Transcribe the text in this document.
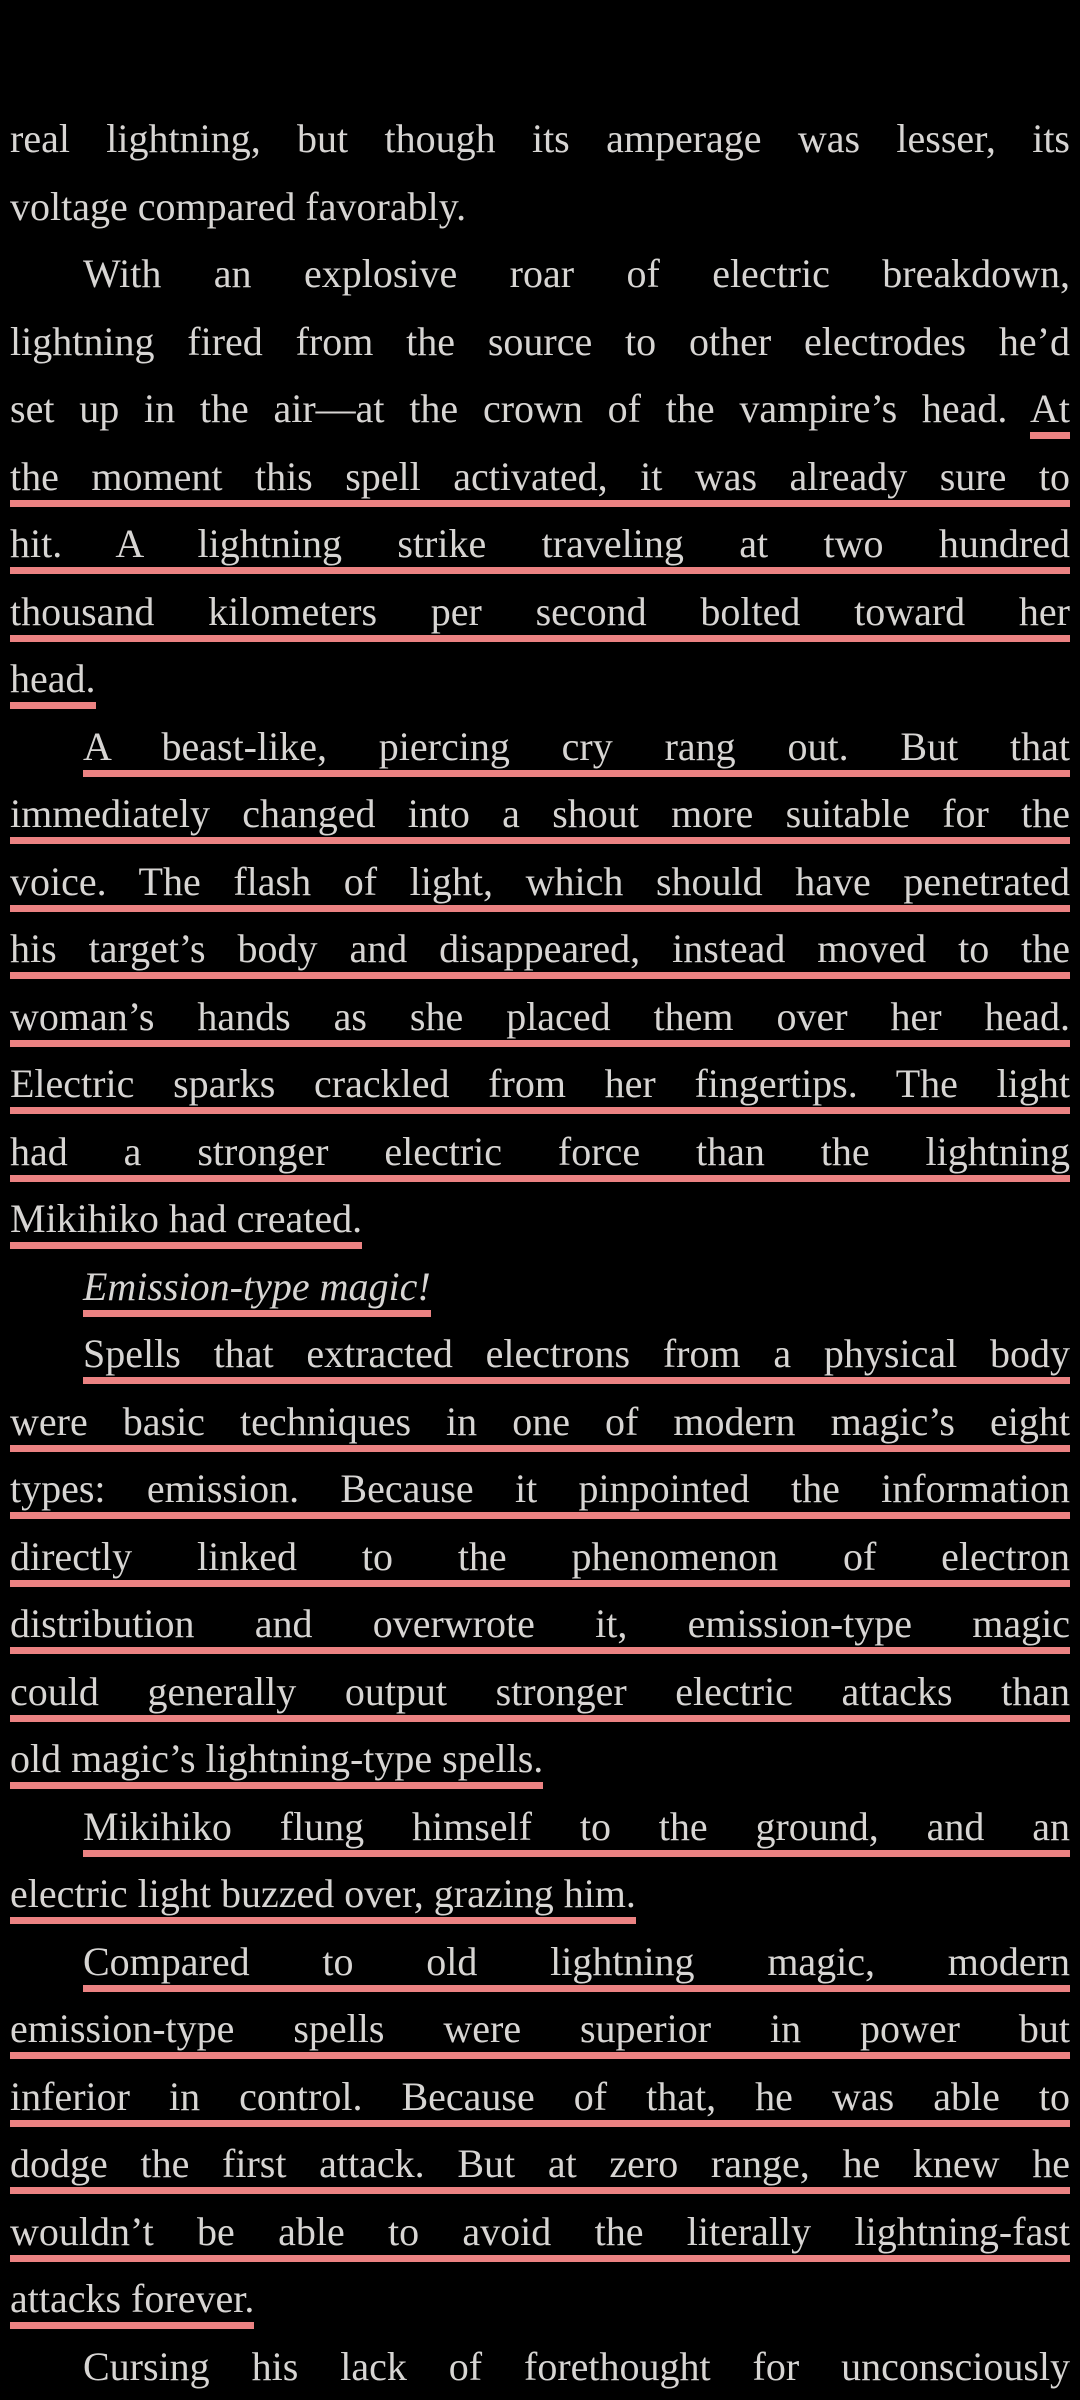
real lightning, but though its amperage was lesser, its
voltage compared favorably.
With an explosive roar of electric breakdown,
lightning fired from the source to other electrodes he’d
set up in the air—at the crown of the vampire’s head. At
the moment this spell activated, it was already sure to
hit. A lightning strike traveling at two hundred
thousand kilometers per second bolted toward her
head.
A beast-like, piercing cry rang out. But that
immediately changed into a shout more suitable for the
voice. The flash of light, which should have penetrated
his target’s body and disappeared, instead moved to the
woman’s hands as she placed them over her head.
Electric sparks crackled from her fingertips. The light
had a stronger electric force than the lightning
Mikihiko had created.
Emission-type magic!
Spells that extracted electrons from a physical body
were basic techniques in one of modern magic’s eight
types: emission. Because it pinpointed the information
directly linked to the phenomenon of electron
distribution and overwrote it, emission-type magic
could generally output stronger electric attacks than
old magic’s lightning-type spells.
Mikihiko flung himself to the ground, and an
electric light buzzed over, grazing him.
Compared to old lightning magic, modern
emission-type spells were superior in power but
inferior in control. Because of that, he was able to
dodge the first attack. But at zero range, he knew he
wouldn’t be able to avoid the literally lightning-fast
attacks forever.
Cursing his lack of forethought for unconsciously
